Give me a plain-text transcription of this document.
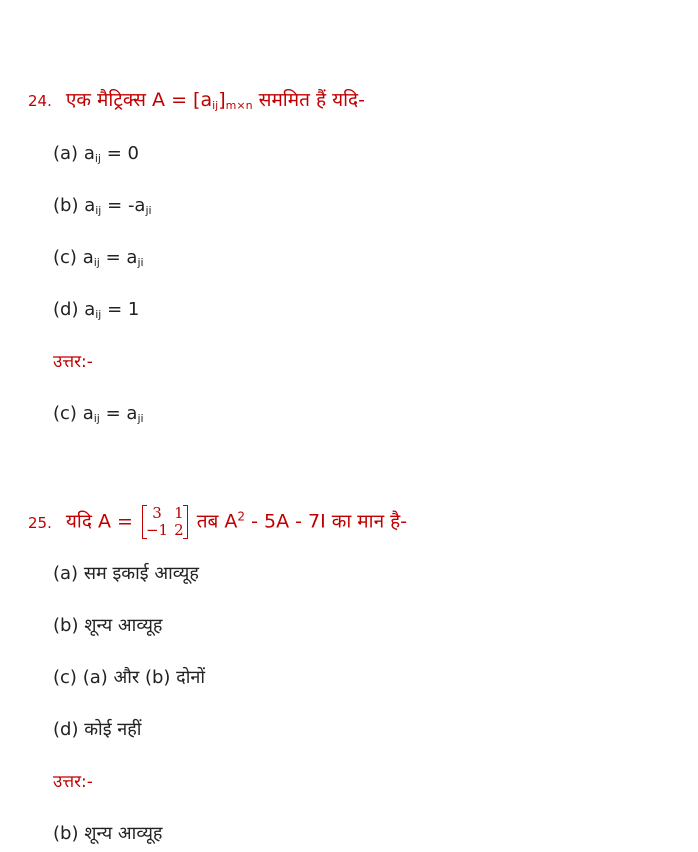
24. एक मैट्रिक्स $A = [a_{ij}]_{m\times n}$ सममित हैं यदि-
(a) $a_{ij} = 0$
(b) $a_{ij} = -a_{ji}$
(c) $a_{ij} = a_{ji}$
(d) $a_{ij} = 1$
उत्तर:-
(c) $a_{ij} = a_{ji}$
25. यदि A = 3	1
−1	2 तब $A^2 - 5A - 7I$ का मान है-
(a) सम इकाई आव्यूह
(b) शून्य आव्यूह
(c) (a) और (b) दोनों
(d) कोई नहीं
उत्तर:-
(b) शून्य आव्यूह
